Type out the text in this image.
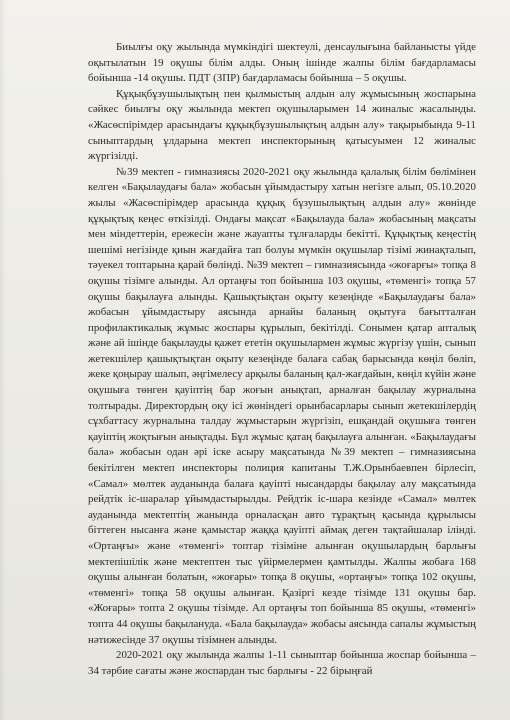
Биылғы оқу жылында мүмкіндігі шектеулі, денсаулығына байланысты үйде оқытылатын 19 оқушы білім алды. Оның ішінде жалпы білім бағдарламасы бойынша -14 оқушы. ПДТ (ЗПР) бағдарламасы бойынша – 5 оқушы.

Құқықбұзушылықтың пен қылмыстың алдын алу жұмысының жоспарына сәйкес биылғы оқу жылында мектеп оқушыларымен 14 жиналыс жасалынды. «Жасөспірімдер арасындағы құқықбұзушылықтың алдын алу» тақырыбында 9-11 сыныптардың ұлдарына мектеп инспекторының қатысуымен 12 жиналыс жүргізілді.

№39 мектеп - гимназиясы 2020-2021 оқу жылында қалалық білім бөлімінен келген «Бақылаудағы бала» жобасын ұйымдастыру хатын негізге алып, 05.10.2020 жылы «Жасөспірімдер арасында құқық бұзушылықтың алдын алу» жөнінде құқықтық кеңес өткізілді. Ондағы мақсат «Бақылауда бала» жобасының мақсаты мен міндеттерін, ережесін және жауапты тұлғаларды бекітті. Құқықтық кеңестің шешімі негізінде қиын жағдайға тап болуы мүмкін оқушылар тізімі жинақталып, тәуекел топтарына қарай бөлінді. №39 мектеп – гимназиясында «жоғарғы» топқа 8 оқушы тізімге алынды. Ал ортаңғы топ бойынша 103 оқушы, «төменгі» топқа 57 оқушы бақылауға алынды. Қашықтықтан оқыту кезеңінде «Бақылаудағы бала» жобасын ұйымдастыру аясында арнайы баланың оқытуға бағытталған профилактикалық жұмыс жоспары құрылып, бекітілді. Сонымен қатар апталық және ай ішінде бақылауды қажет ететін оқушылармен жұмыс жүргізу үшін, сынып жетекшілер қашықтықтан оқыту кезеңінде балаға сабақ барысында көңіл бөліп, жеке қоңырау шалып, әңгімелесу арқылы баланың қал-жағдайын, көңіл күйін және оқушыға төнген қауіптің бар жоғын анықтап, арналған бақылау журналына толтырады. Директордың оқу ісі жөніндегі орынбасарлары сынып жетекшілердің сұхбаттасу журналына талдау жұмыстарын жүргізіп, ешқандай оқушыға төнген қауіптің жоқтығын анықтады. Бұл жұмыс қатаң бақылауға алынған. «Бақылаудағы бала» жобасын одан әрі іске асыру мақсатында №39 мектеп – гимназиясына бекітілген мектеп инспекторы полиция капитаны Т.Ж.Орынбаевпен бірлесіп, «Самал» мөлтек ауданында балаға қауіпті нысандарды бақылау алу мақсатында рейдтік іс-шаралар ұйымдастырылды. Рейдтік іс-шара кезінде «Самал» мөлтек ауданында мектептің жанында орналасқан авто тұрақтың қасында құрылысы біттеген нысанға және қамыстар жаққа қауіпті аймақ деген тақтайшалар ілінді. «Ортаңғы» және «төменгі» топтар тізіміне алынған оқушылардың барлығы мектепішілік және мектептен тыс үйірмелермен қамтылды. Жалпы жобаға 168 оқушы алынған болатын, «жоғары» топқа 8 оқушы, «ортаңғы» топқа 102 оқушы, «төменгі» топқа 58 оқушы алынған. Қазіргі кезде тізімде 131 оқушы бар. «Жоғары» топта 2 оқушы тізімде. Ал ортаңғы топ бойынша 85 оқушы, «төменгі» топта 44 оқушы бақылануда. «Бала бақылауда» жобасы аясында сапалы жұмыстың нәтижесінде 37 оқушы тізімнен алынды.

2020-2021 оқу жылында жалпы 1-11 сыныптар бойынша жоспар бойынша – 34 тәрбие сағаты және жоспардан тыс барлығы - 22 бірыңғай
